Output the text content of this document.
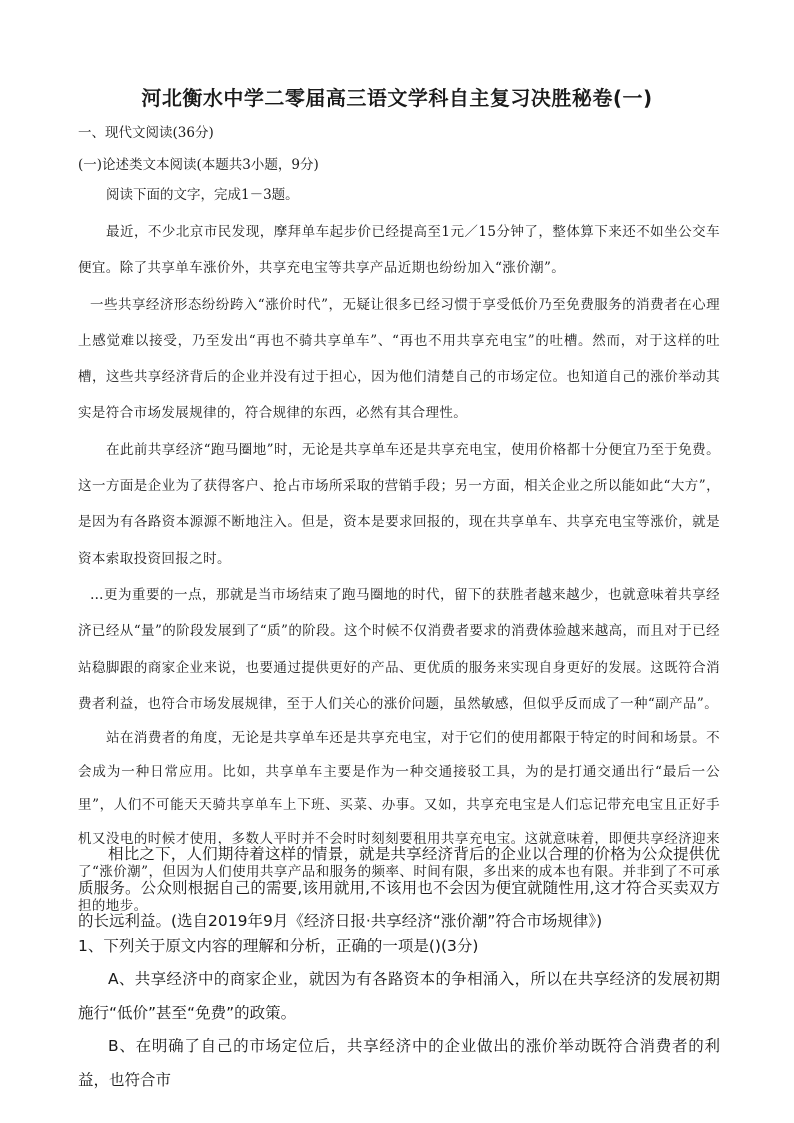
河北衡水中学二零届高三语文学科自主复习决胜秘卷(一)
一、现代文阅读(36分)
(一)论述类文本阅读(本题共3小题，9分)
阅读下面的文字，完成1－3题。

最近，不少北京市民发现，摩拜单车起步价已经提高至1元／15分钟了，整体算下来还不如坐公交车便宜。除了共享单车涨价外，共享充电宝等共享产品近期也纷纷加入“涨价潮”。

一些共享经济形态纷纷跨入“涨价时代”，无疑让很多已经习惯于享受低价乃至免费服务的消费者在心理上感觉难以接受，乃至发出“再也不骑共享单车”、“再也不用共享充电宝”的吐槽。然而，对于这样的吐槽，这些共享经济背后的企业并没有过于担心，因为他们清楚自己的市场定位。也知道自己的涨价举动其实是符合市场发展规律的，符合规律的东西，必然有其合理性。

在此前共享经济“跑马圈地”时，无论是共享单车还是共享充电宝，使用价格都十分便宜乃至于免费。这一方面是企业为了获得客户、抢占市场所采取的营销手段；另一方面，相关企业之所以能如此“大方”，是因为有各路资本源源不断地注入。但是，资本是要求回报的，现在共享单车、共享充电宝等涨价，就是资本索取投资回报之时。

…更为重要的一点，那就是当市场结束了跑马圈地的时代，留下的获胜者越来越少，也就意味着共享经济已经从“量”的阶段发展到了“质”的阶段。这个时候不仅消费者要求的消费体验越来越高，而且对于已经站稳脚跟的商家企业来说，也要通过提供更好的产品、更优质的服务来实现自身更好的发展。这既符合消费者利益，也符合市场发展规律，至于人们关心的涨价问题，虽然敏感，但似乎反而成了一种“副产品”。

站在消费者的角度，无论是共享单车还是共享充电宝，对于它们的使用都限于特定的时间和场景。不会成为一种日常应用。比如，共享单车主要是作为一种交通接驳工具，为的是打通交通出行“最后一公里”，人们不可能天天骑共享单车上下班、买菜、办事。又如，共享充电宝是人们忘记带充电宝且正好手机又没电的时候才使用，多数人平时并不会时时刻刻要租用共享充电宝。这就意味着，即便共享经济迎来了“涨价潮”，但因为人们使用共享产品和服务的频率、时间有限，多出来的成本也有限。并非到了不可承担的地步。

相比之下，人们期待着这样的情景，就是共享经济背后的企业以合理的价格为公众提供优质服务。公众则根据自己的需要,该用就用,不该用也不会因为便宜就随性用,这才符合买卖双方的长远利益。(选自2019年9月《经济日报·共享经济“涨价潮”符合市场规律》)

1、下列关于原文内容的理解和分析，正确的一项是()(3分)

A、共享经济中的商家企业，就因为有各路资本的争相涌入，所以在共享经济的发展初期施行“低价”甚至“免费”的政策。

B、在明确了自己的市场定位后，共享经济中的企业做出的涨价举动既符合消费者的利益，也符合市
